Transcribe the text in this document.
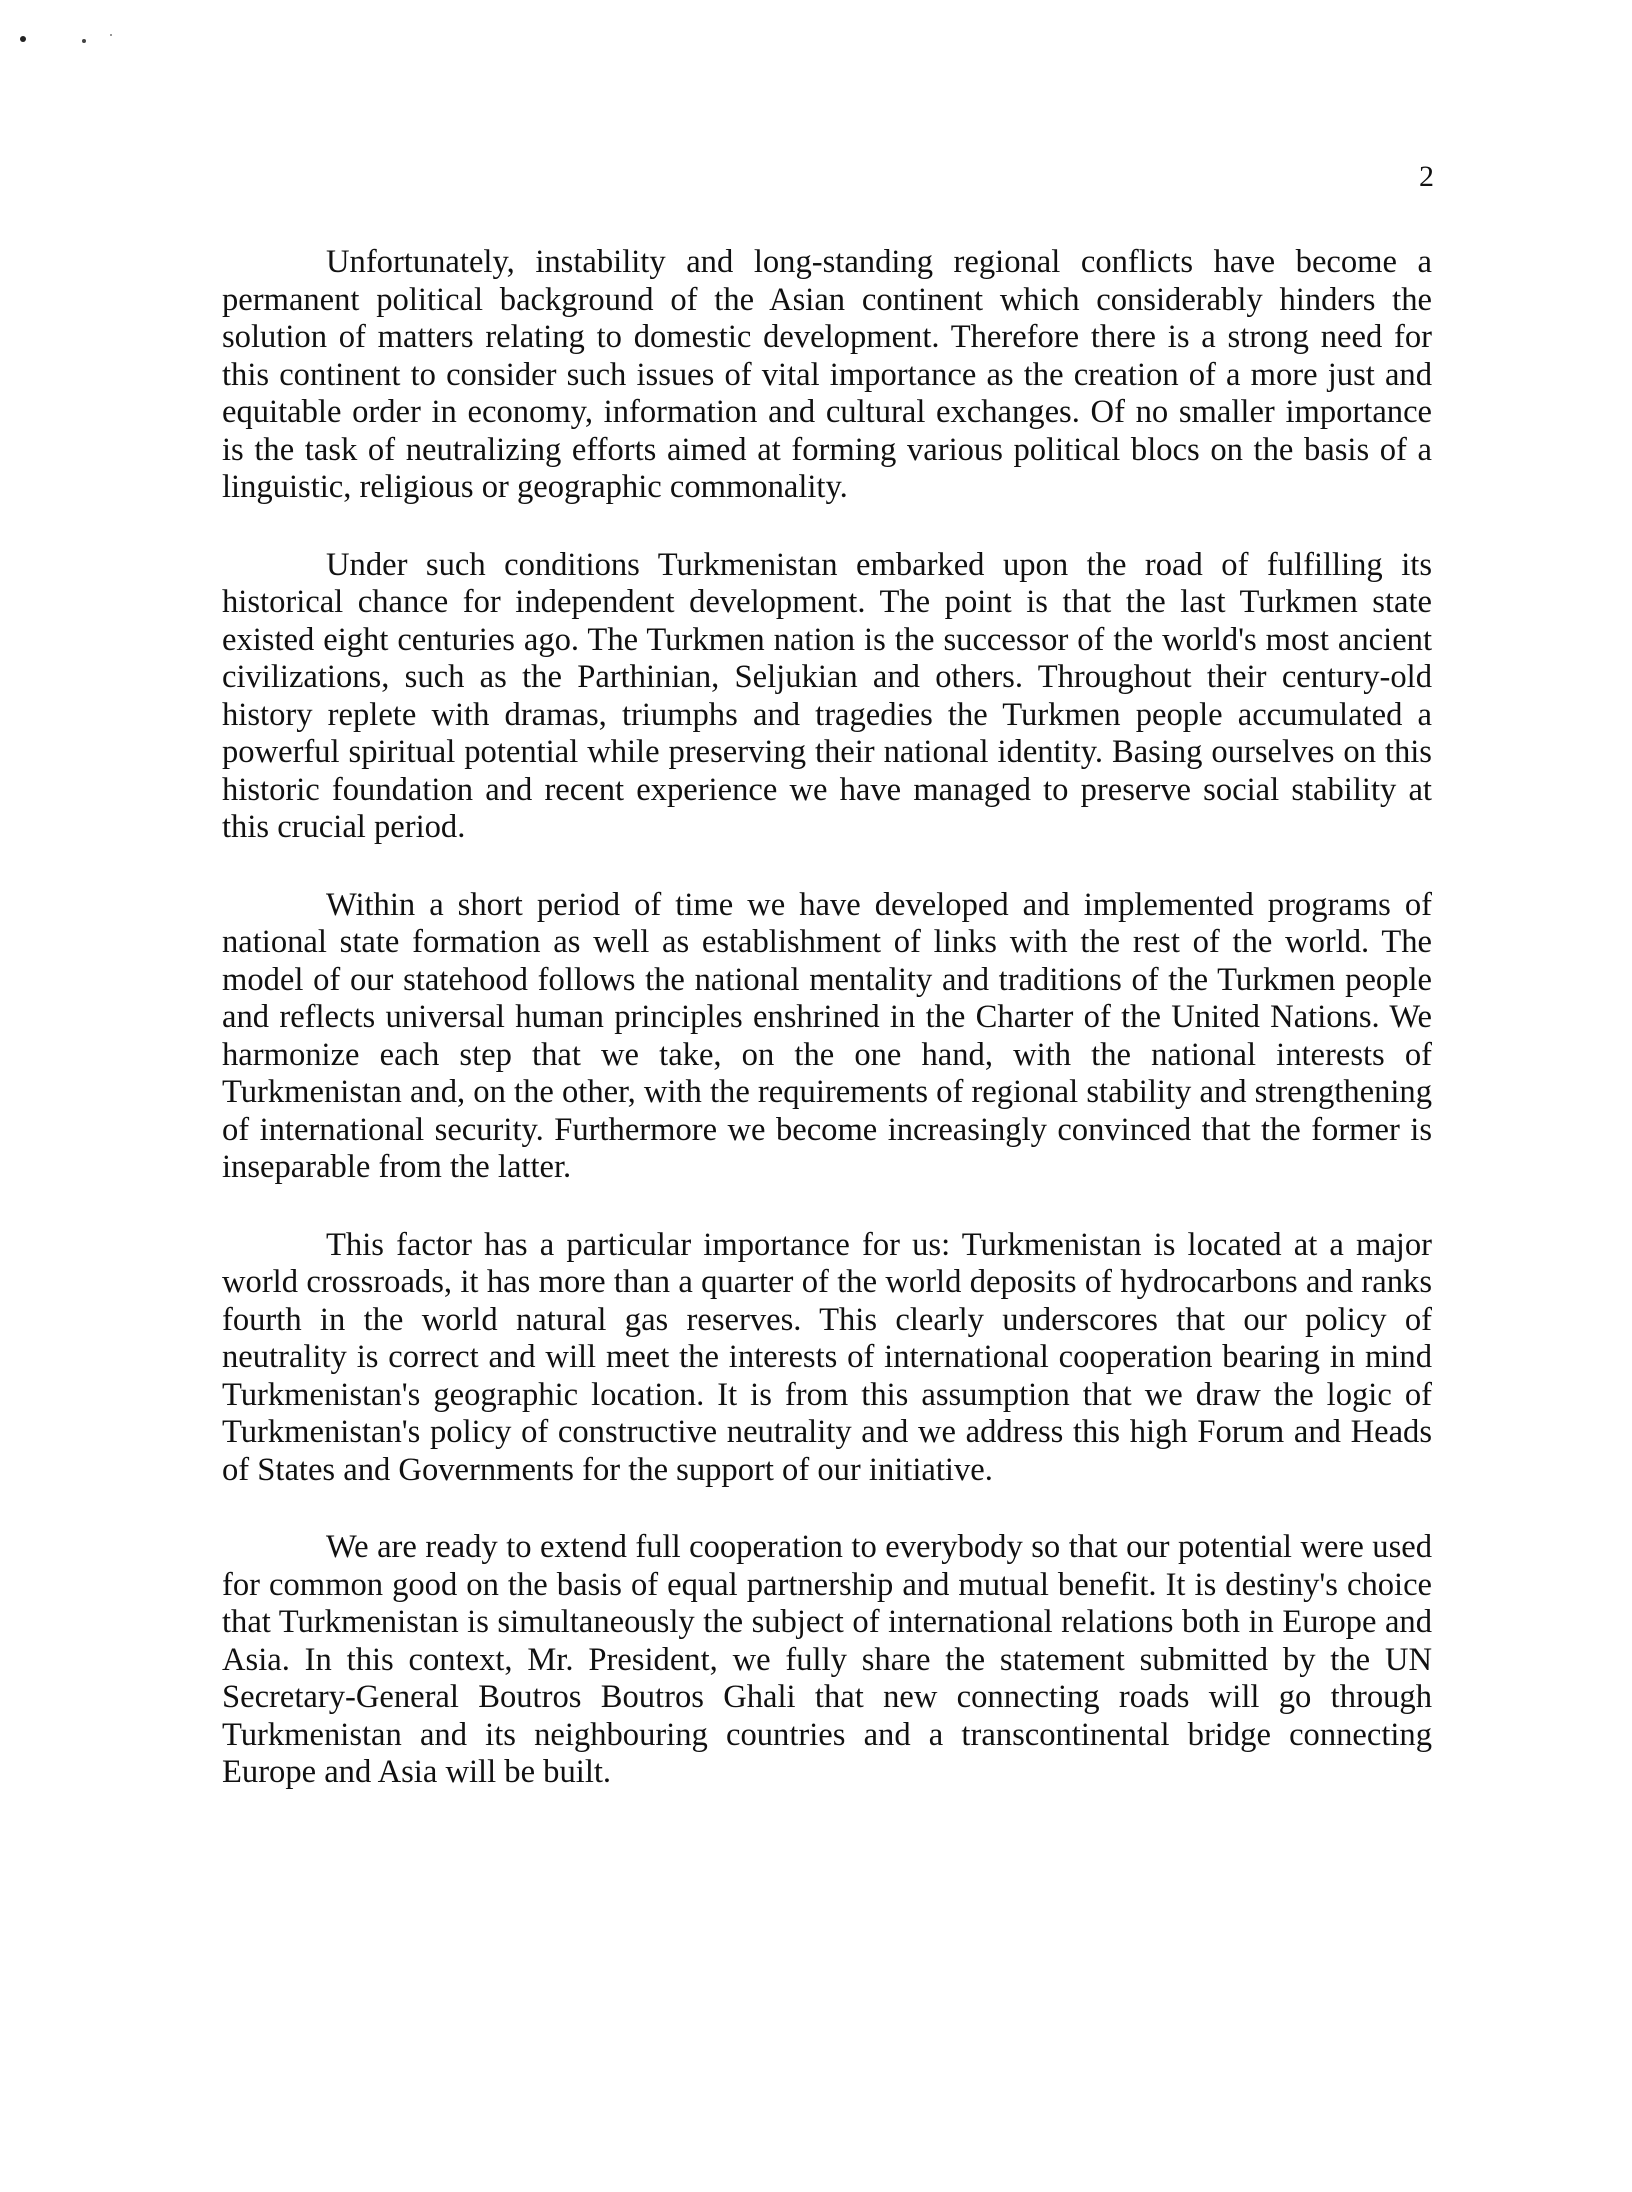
2

Unfortunately, instability and long-standing regional conflicts have become a permanent political background of the Asian continent which considerably hinders the solution of matters relating to domestic development. Therefore there is a strong need for this continent to consider such issues of vital importance as the creation of a more just and equitable order in economy, information and cultural exchanges. Of no smaller importance is the task of neutralizing efforts aimed at forming various political blocs on the basis of a linguistic, religious or geographic commonality.

Under such conditions Turkmenistan embarked upon the road of fulfilling its historical chance for independent development. The point is that the last Turkmen state existed eight centuries ago. The Turkmen nation is the successor of the world's most ancient civilizations, such as the Parthinian, Seljukian and others. Throughout their century-old history replete with dramas, triumphs and tragedies the Turkmen people accumulated a powerful spiritual potential while preserving their national identity. Basing ourselves on this historic foundation and recent experience we have managed to preserve social stability at this crucial period.

Within a short period of time we have developed and implemented programs of national state formation as well as establishment of links with the rest of the world. The model of our statehood follows the national mentality and traditions of the Turkmen people and reflects universal human principles enshrined in the Charter of the United Nations. We harmonize each step that we take, on the one hand, with the national interests of Turkmenistan and, on the other, with the requirements of regional stability and strengthening of international security. Furthermore we become increasingly convinced that the former is inseparable from the latter.

This factor has a particular importance for us: Turkmenistan is located at a major world crossroads, it has more than a quarter of the world deposits of hydrocarbons and ranks fourth in the world natural gas reserves. This clearly underscores that our policy of neutrality is correct and will meet the interests of international cooperation bearing in mind Turkmenistan's geographic location. It is from this assumption that we draw the logic of Turkmenistan's policy of constructive neutrality and we address this high Forum and Heads of States and Governments for the support of our initiative.

We are ready to extend full cooperation to everybody so that our potential were used for common good on the basis of equal partnership and mutual benefit. It is destiny's choice that Turkmenistan is simultaneously the subject of international relations both in Europe and Asia. In this context, Mr. President, we fully share the statement submitted by the UN Secretary-General Boutros Boutros Ghali that new connecting roads will go through Turkmenistan and its neighbouring countries and a transcontinental bridge connecting Europe and Asia will be built.
